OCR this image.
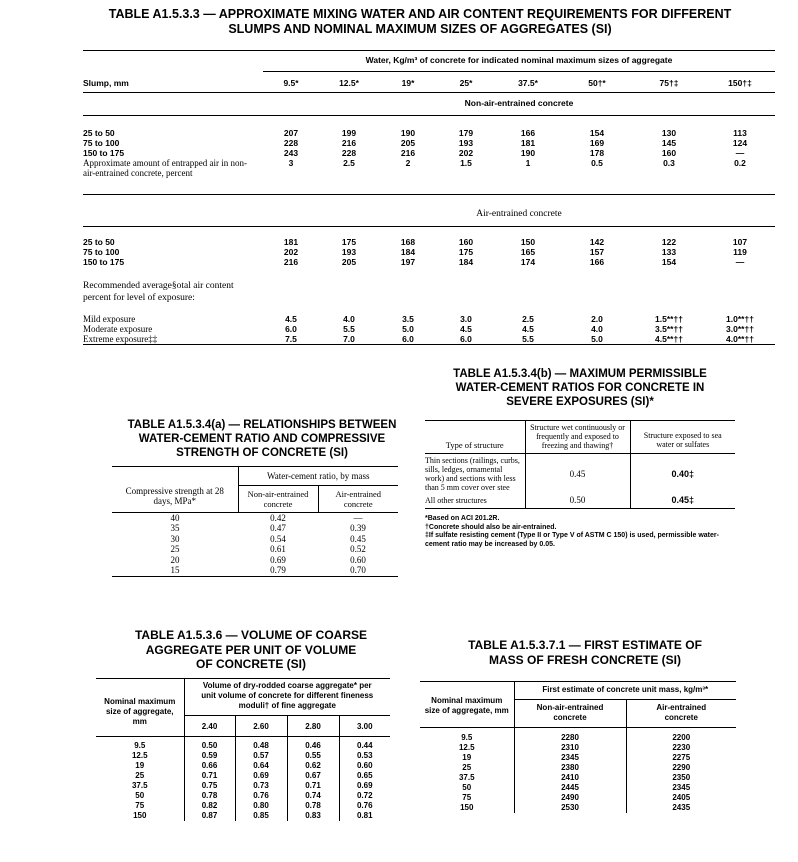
TABLE A1.5.3.3 — APPROXIMATE MIXING WATER AND AIR CONTENT REQUIREMENTS FOR DIFFERENT
SLUMPS AND NOMINAL MAXIMUM SIZES OF AGGREGATES (SI)
	Water, Kg/m³ of concrete for indicated nominal maximum sizes of aggregate							
Slump, mm	9.5*	12.5*	19*	25*	37.5*	50†*	75†‡	150†‡
	Non-air-entrained concrete							

25 to 50	207	199	190	179	166	154	130	113
75 to 100	228	216	205	193	181	169	145	124
150 to 175	243	228	216	202	190	178	160	—
Approximate amount of entrapped air in non-air-entrained concrete, percent	3	2.5	2	1.5	1	0.5	0.3	0.2

	Air-entrained concrete							

25 to 50	181	175	168	160	150	142	122	107
75 to 100	202	193	184	175	165	157	133	119
150 to 175	216	205	197	184	174	166	154	—
Recommended average§otal air content percent for level of exposure:								
Mild exposure	4.5	4.0	3.5	3.0	2.5	2.0	1.5**††	1.0**††
Moderate exposure	6.0	5.5	5.0	4.5	4.5	4.0	3.5**††	3.0**††
Extreme exposure‡‡	7.5	7.0	6.0	6.0	5.5	5.0	4.5**††	4.0**††
TABLE A1.5.3.4(b) — MAXIMUM PERMISSIBLE
WATER-CEMENT RATIOS FOR CONCRETE IN
SEVERE EXPOSURES (SI)*
Type of structure	Structure wet continuously or frequently and exposed to freezing and thawing†	Structure exposed to sea water or sulfates
Thin sections (railings, curbs, sills, ledges, ornamental work) and sections with less than 5 mm cover over stee	0.45	0.40‡
All other structures	0.50	0.45‡

*Based on ACI 201.2R.		
†Concrete should also be air-entrained.		
‡If sulfate resisting cement (Type II or Type V of ASTM C 150) is used, permissible water-cement ratio may be increased by 0.05.		
TABLE A1.5.3.4(a) — RELATIONSHIPS BETWEEN
WATER-CEMENT RATIO AND COMPRESSIVE
STRENGTH OF CONCRETE (SI)
Compressive strength at 28 days, MPa*	Water-cement ratio, by mass	
	Non-air-entrained concrete	Air-entrained concrete
40	0.42	—
35	0.47	0.39
30	0.54	0.45
25	0.61	0.52
20	0.69	0.60
15	0.79	0.70
TABLE A1.5.3.6 — VOLUME OF COARSE
AGGREGATE PER UNIT OF VOLUME
OF CONCRETE (SI)
Nominal maximum size of aggregate, mm	Volume of dry-rodded coarse aggregate* per unit volume of concrete for different fineness moduli† of fine aggregate			
	2.40	2.60	2.80	3.00
9.5	0.50	0.48	0.46	0.44
12.5	0.59	0.57	0.55	0.53
19	0.66	0.64	0.62	0.60
25	0.71	0.69	0.67	0.65
37.5	0.75	0.73	0.71	0.69
50	0.78	0.76	0.74	0.72
75	0.82	0.80	0.78	0.76
150	0.87	0.85	0.83	0.81
TABLE A1.5.3.7.1 — FIRST ESTIMATE OF
MASS OF FRESH CONCRETE (SI)
Nominal maximum size of aggregate, mm	First estimate of concrete unit mass, kg/m³*	
	Non-air-entrained concrete	Air-entrained concrete
9.5	2280	2200
12.5	2310	2230
19	2345	2275
25	2380	2290
37.5	2410	2350
50	2445	2345
75	2490	2405
150	2530	2435
